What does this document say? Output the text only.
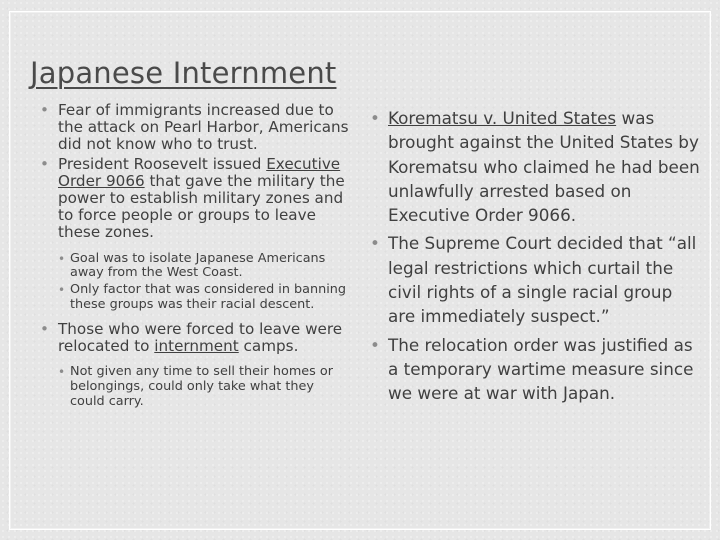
Japanese Internment
• Fear of immigrants increased due to the attack on Pearl Harbor, Americans did not know who to trust.
• President Roosevelt issued Executive Order 9066 that gave the military the power to establish military zones and to force people or groups to leave these zones.
• Goal was to isolate Japanese Americans away from the West Coast.
• Only factor that was considered in banning these groups was their racial descent.
• Those who were forced to leave were relocated to internment camps.
• Not given any time to sell their homes or belongings, could only take what they could carry.
• Korematsu v. United States was brought against the United States by Korematsu who claimed he had been unlawfully arrested based on Executive Order 9066.
• The Supreme Court decided that “all legal restrictions which curtail the civil rights of a single racial group are immediately suspect.”
• The relocation order was justified as a temporary wartime measure since we were at war with Japan.
